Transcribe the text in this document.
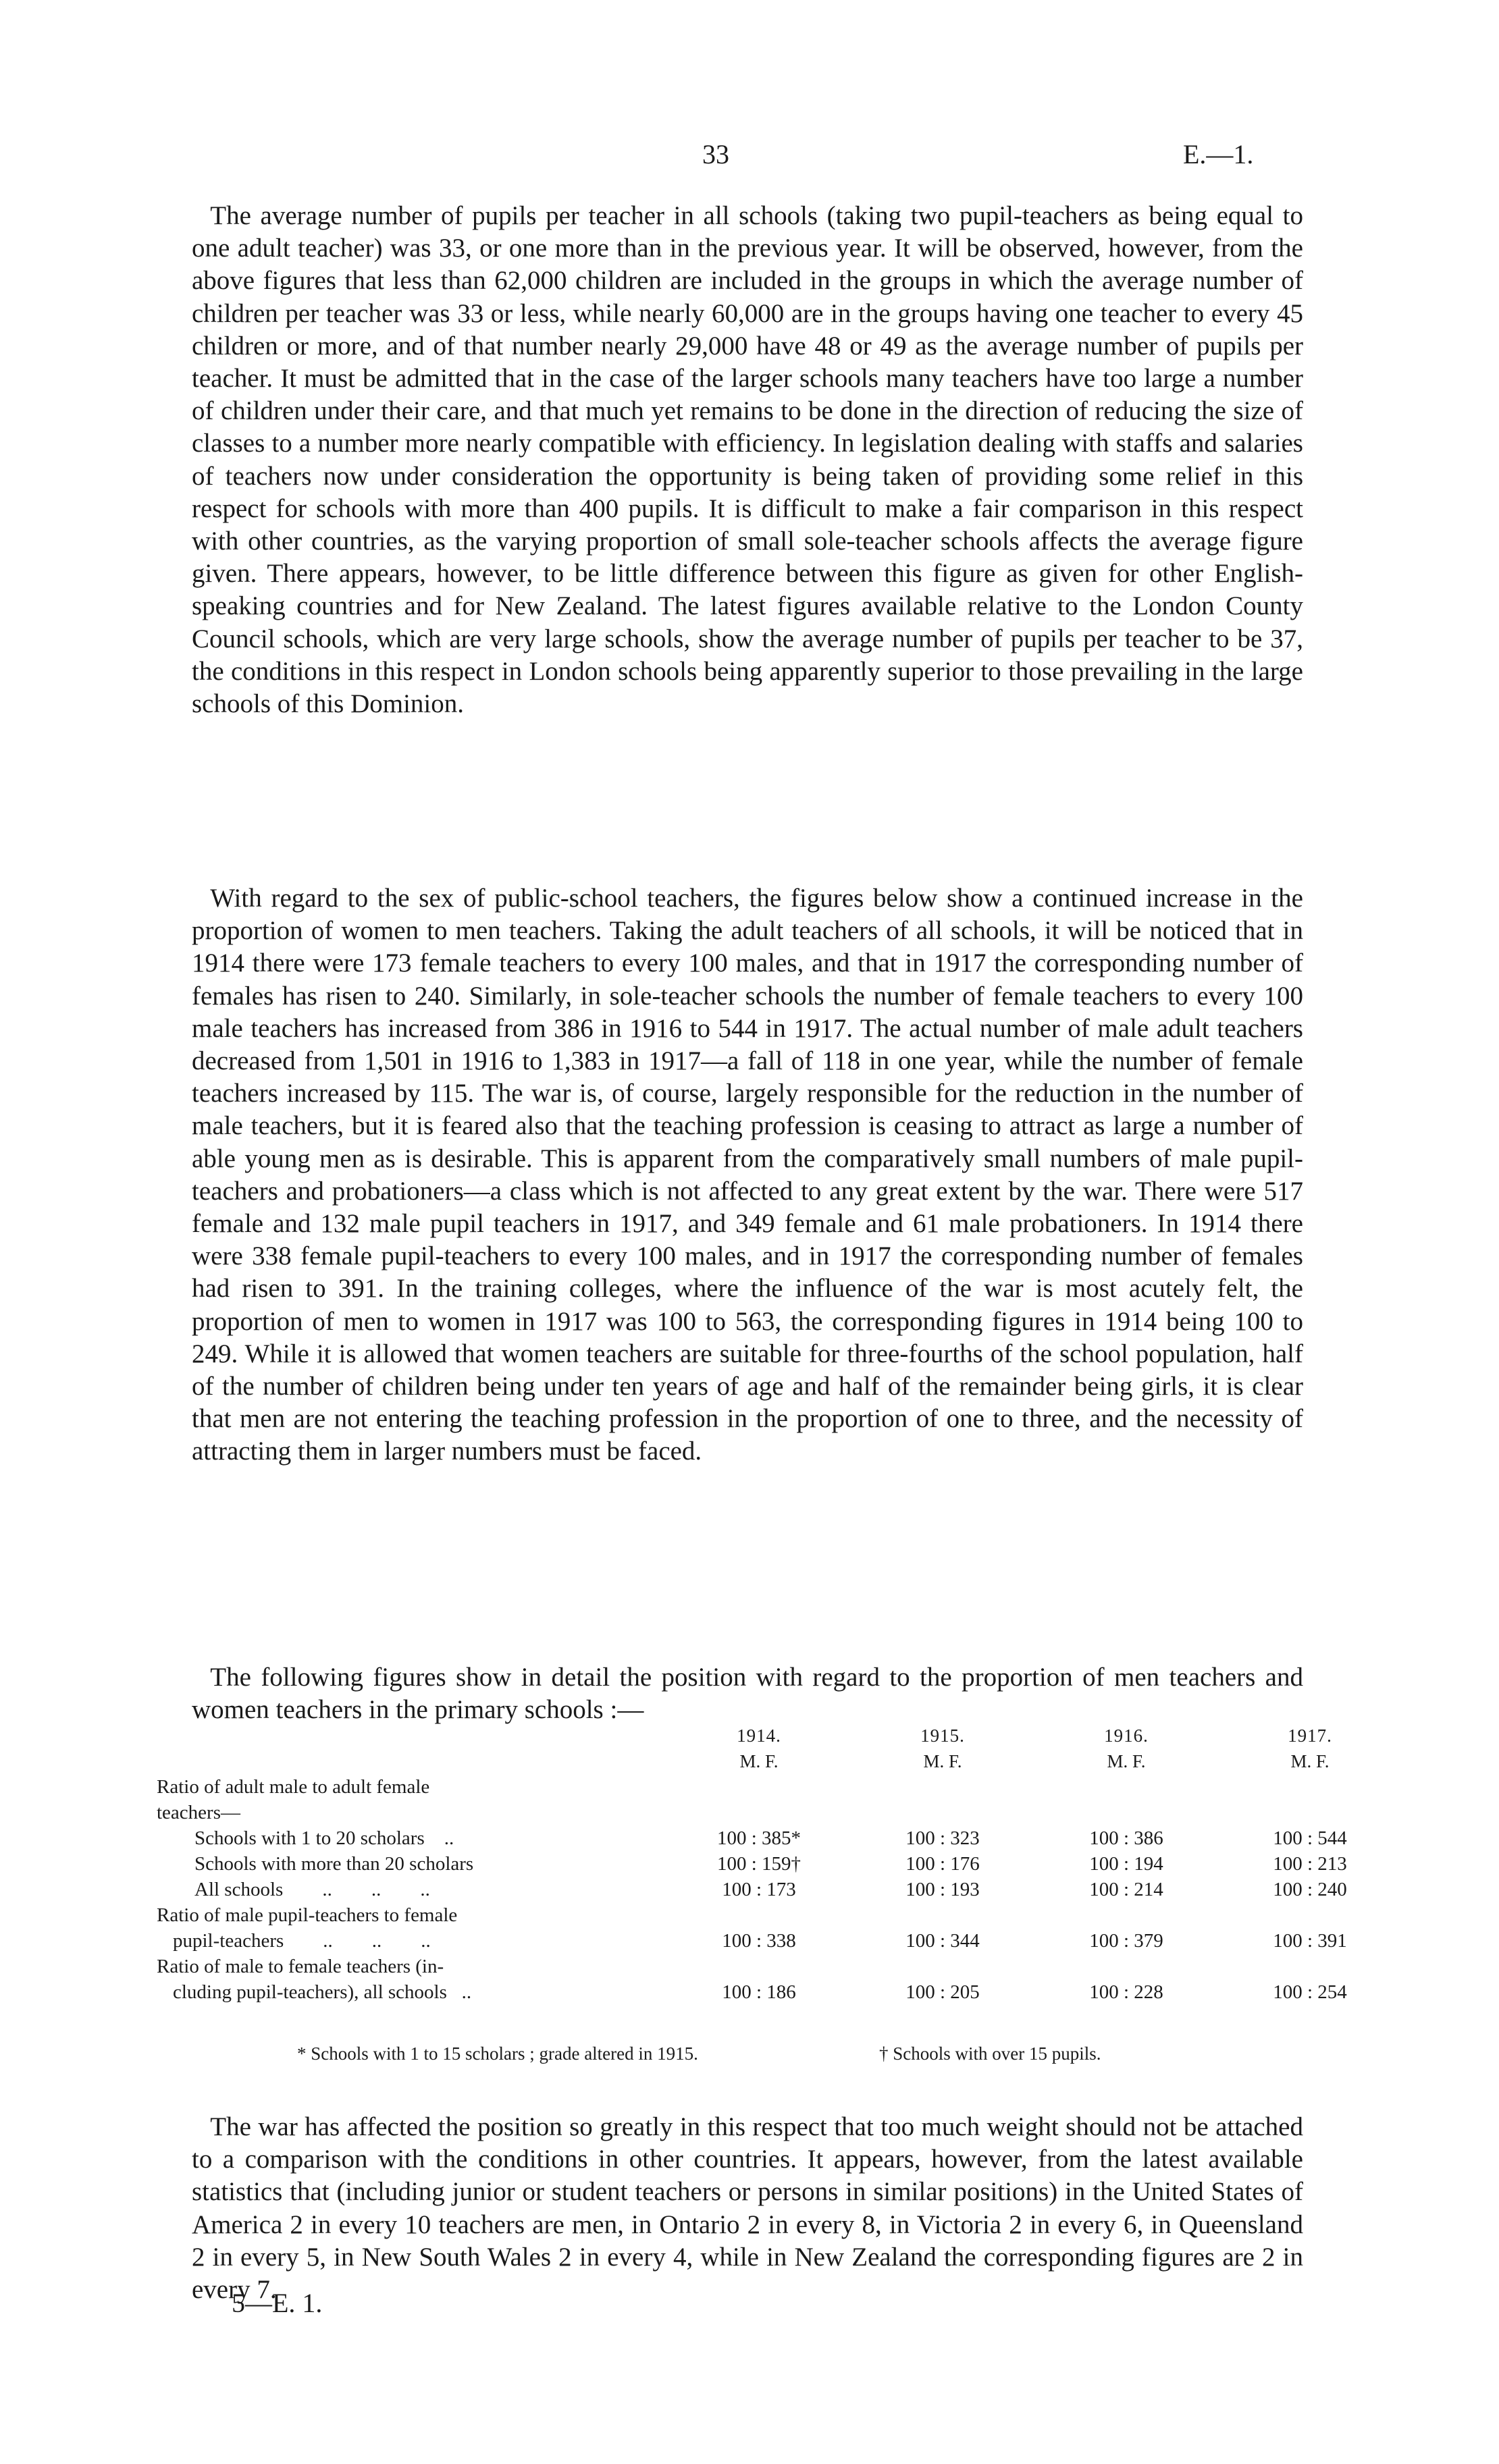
33	E.—1.

The average number of pupils per teacher in all schools (taking two pupil-teachers as being equal to one adult teacher) was 33, or one more than in the previous year. It will be observed, however, from the above figures that less than 62,000 children are included in the groups in which the average number of children per teacher was 33 or less, while nearly 60,000 are in the groups having one teacher to every 45 children or more, and of that number nearly 29,000 have 48 or 49 as the average number of pupils per teacher. It must be admitted that in the case of the larger schools many teachers have too large a number of children under their care, and that much yet remains to be done in the direction of reducing the size of classes to a number more nearly compatible with efficiency. In legislation dealing with staffs and salaries of teachers now under consideration the opportunity is being taken of providing some relief in this respect for schools with more than 400 pupils. It is difficult to make a fair comparison in this respect with other countries, as the varying proportion of small sole-teacher schools affects the average figure given. There appears, however, to be little difference between this figure as given for other English-speaking countries and for New Zealand. The latest figures available relative to the London County Council schools, which are very large schools, show the average number of pupils per teacher to be 37, the conditions in this respect in London schools being apparently superior to those prevailing in the large schools of this Dominion.

With regard to the sex of public-school teachers, the figures below show a continued increase in the proportion of women to men teachers. Taking the adult teachers of all schools, it will be noticed that in 1914 there were 173 female teachers to every 100 males, and that in 1917 the corresponding number of females has risen to 240. Similarly, in sole-teacher schools the number of female teachers to every 100 male teachers has increased from 386 in 1916 to 544 in 1917. The actual number of male adult teachers decreased from 1,501 in 1916 to 1,383 in 1917—a fall of 118 in one year, while the number of female teachers increased by 115. The war is, of course, largely responsible for the reduction in the number of male teachers, but it is feared also that the teaching profession is ceasing to attract as large a number of able young men as is desirable. This is apparent from the comparatively small numbers of male pupil-teachers and probationers—a class which is not affected to any great extent by the war. There were 517 female and 132 male pupil teachers in 1917, and 349 female and 61 male probationers. In 1914 there were 338 female pupil-teachers to every 100 males, and in 1917 the corresponding number of females had risen to 391. In the training colleges, where the influence of the war is most acutely felt, the proportion of men to women in 1917 was 100 to 563, the corresponding figures in 1914 being 100 to 249. While it is allowed that women teachers are suitable for three-fourths of the school population, half of the number of children being under ten years of age and half of the remainder being girls, it is clear that men are not entering the teaching profession in the proportion of one to three, and the necessity of attracting them in larger numbers must be faced.

The following figures show in detail the position with regard to the proportion of men teachers and women teachers in the primary schools :—

	1914.	1915.	1916.	1917.
	M. F.	M. F.	M. F.	M. F.
Ratio of adult male to adult female				
teachers—				
Schools with 1 to 20 scholars ..	100 : 385*	100 : 323	100 : 386	100 : 544
Schools with more than 20 scholars	100 : 159†	100 : 176	100 : 194	100 : 213
All schools ..        ..        ..	100 : 173	100 : 193	100 : 214	100 : 240
Ratio of male pupil-teachers to female				
pupil-teachers ..        ..        ..	100 : 338	100 : 344	100 : 379	100 : 391
Ratio of male to female teachers (in-				
cluding pupil-teachers), all schools ..	100 : 186	100 : 205	100 : 228	100 : 254
* Schools with 1 to 15 scholars ; grade altered in 1915.	† Schools with over 15 pupils.

The war has affected the position so greatly in this respect that too much weight should not be attached to a comparison with the conditions in other countries. It appears, however, from the latest available statistics that (including junior or student teachers or persons in similar positions) in the United States of America 2 in every 10 teachers are men, in Ontario 2 in every 8, in Victoria 2 in every 6, in Queensland 2 in every 5, in New South Wales 2 in every 4, while in New Zealand the corresponding figures are 2 in every 7.

5—E. 1.
